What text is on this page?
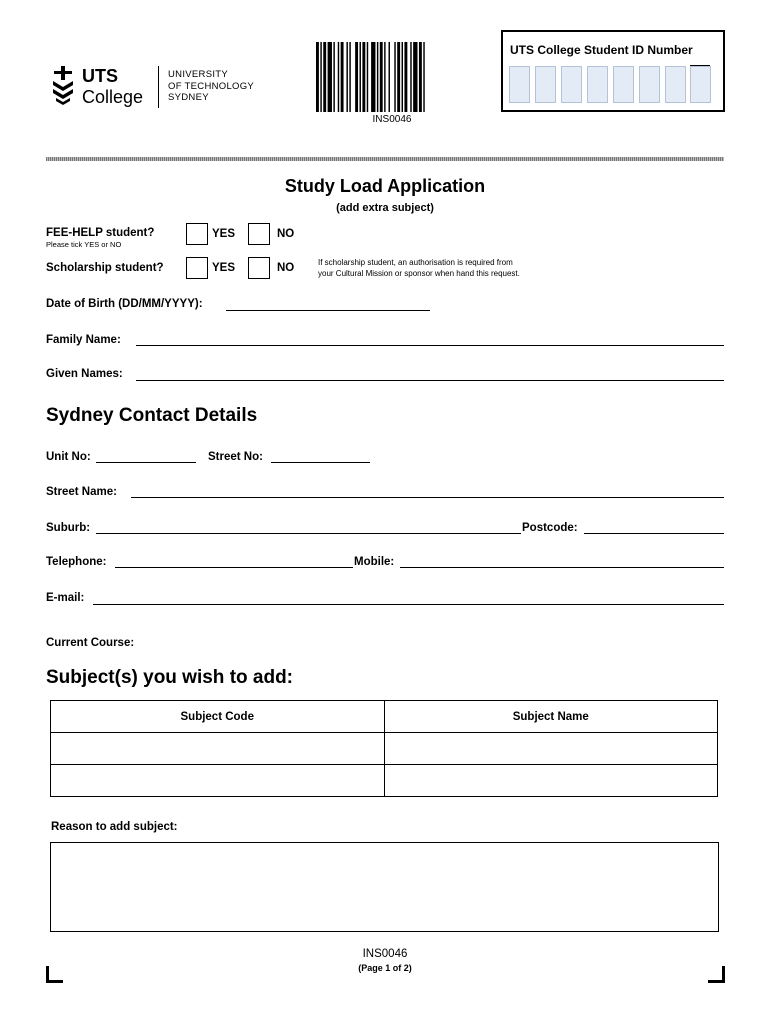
UTS
College
UNIVERSITY
OF TECHNOLOGY
SYDNEY
INS0046
UTS College Student ID Number
Study Load Application
(add extra subject)
FEE-HELP student?
Please tick YES or NO
YES	NO
Scholarship student?	YES	NO	If scholarship student, an authorisation is required from
your Cultural Mission or sponsor when hand this request.
Date of Birth (DD/MM/YYYY):
Family Name:
Given Names:
Sydney Contact Details
Unit No:	Street No:
Street Name:
Suburb:	Postcode:
Telephone:	Mobile:
E-mail:
Current Course:
Subject(s) you wish to add:
Subject Code	Subject Name

Reason to add subject:
INS0046
(Page 1 of 2)
